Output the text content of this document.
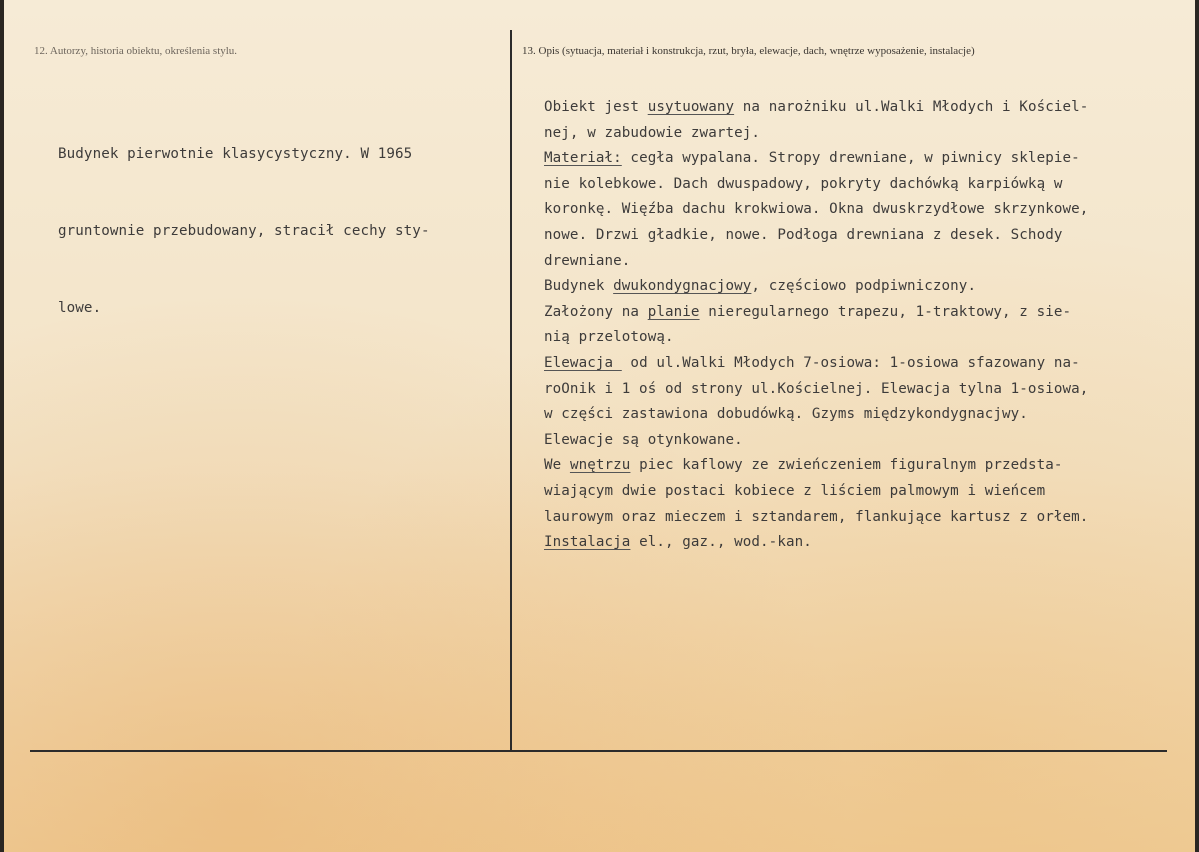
12. Autorzy, historia obiektu, określenia stylu.	13. Opis (sytuacja, materiał i konstrukcja, rzut, bryła, elewacje, dach, wnętrze wyposażenie, instalacje)

Budynek pierwotnie klasycystyczny. W 1965

gruntownie przebudowany, stracił cechy sty-

lowe.

Obiekt jest usytuowany na narożniku ul.Walki Młodych i Kościel-
nej, w zabudowie zwartej.
Materiał: cegła wypalana. Stropy drewniane, w piwnicy sklepie-
nie kolebkowe. Dach dwuspadowy, pokryty dachówką karpiówką w
koronkę. Więźba dachu krokwiowa. Okna dwuskrzydłowe skrzynkowe,
nowe. Drzwi gładkie, nowe. Podłoga drewniana z desek. Schody
drewniane.
Budynek dwukondygnacjowy, częściowo podpiwniczony.
Założony na planie nieregularnego trapezu, 1-traktowy, z sie-
nią przelotową.
Elewacja  od ul.Walki Młodych 7-osiowa: 1-osiowa sfazowany na-
roOnik i 1 oś od strony ul.Kościelnej. Elewacja tylna 1-osiowa,
w części zastawiona dobudówką. Gzyms międzykondygnacjwy.
Elewacje są otynkowane.
We wnętrzu piec kaflowy ze zwieńczeniem figuralnym przedsta-
wiającym dwie postaci kobiece z liściem palmowym i wieńcem
laurowym oraz mieczem i sztandarem, flankujące kartusz z orłem.
Instalacja el., gaz., wod.-kan.
